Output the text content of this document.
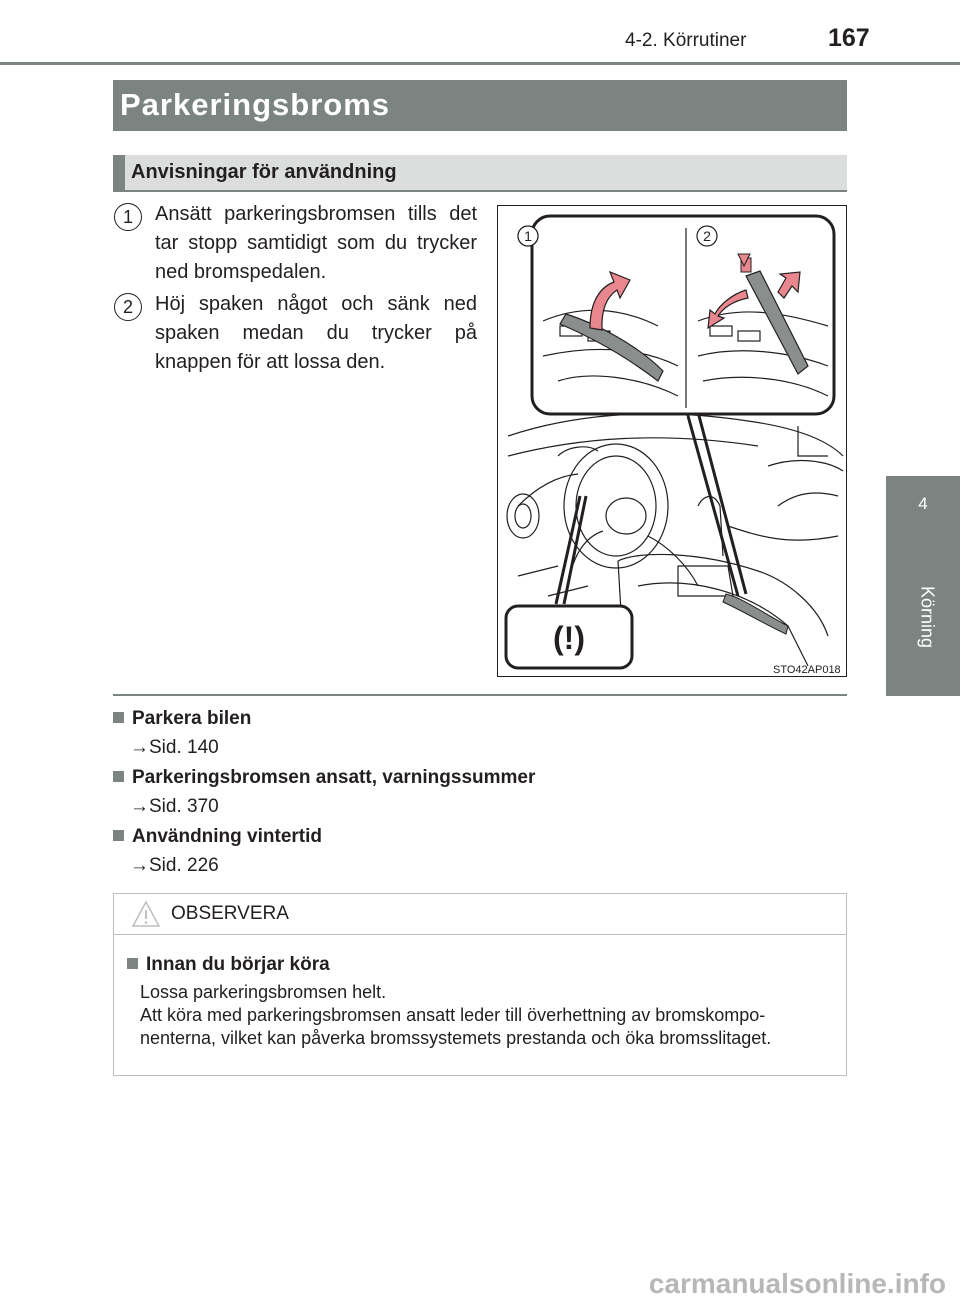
4-2. Körrutiner	167
4
Körning
Parkeringsbroms
Anvisningar för användning
1	Ansätt parkeringsbromsen tills det tar stopp samtidigt som du trycker ned bromspedalen.
2	Höj spaken något och sänk ned spaken medan du trycker på knappen för att lossa den.
1	2
(!)
STO42AP018
Parkera bilen
→Sid. 140
Parkeringsbromsen ansatt, varningssummer
→Sid. 370
Användning vintertid
→Sid. 226
OBSERVERA
Innan du börjar köra
Lossa parkeringsbromsen helt.
Att köra med parkeringsbromsen ansatt leder till överhettning av bromskompo-
nenterna, vilket kan påverka bromssystemets prestanda och öka bromsslitaget.
carmanualsonline.info
